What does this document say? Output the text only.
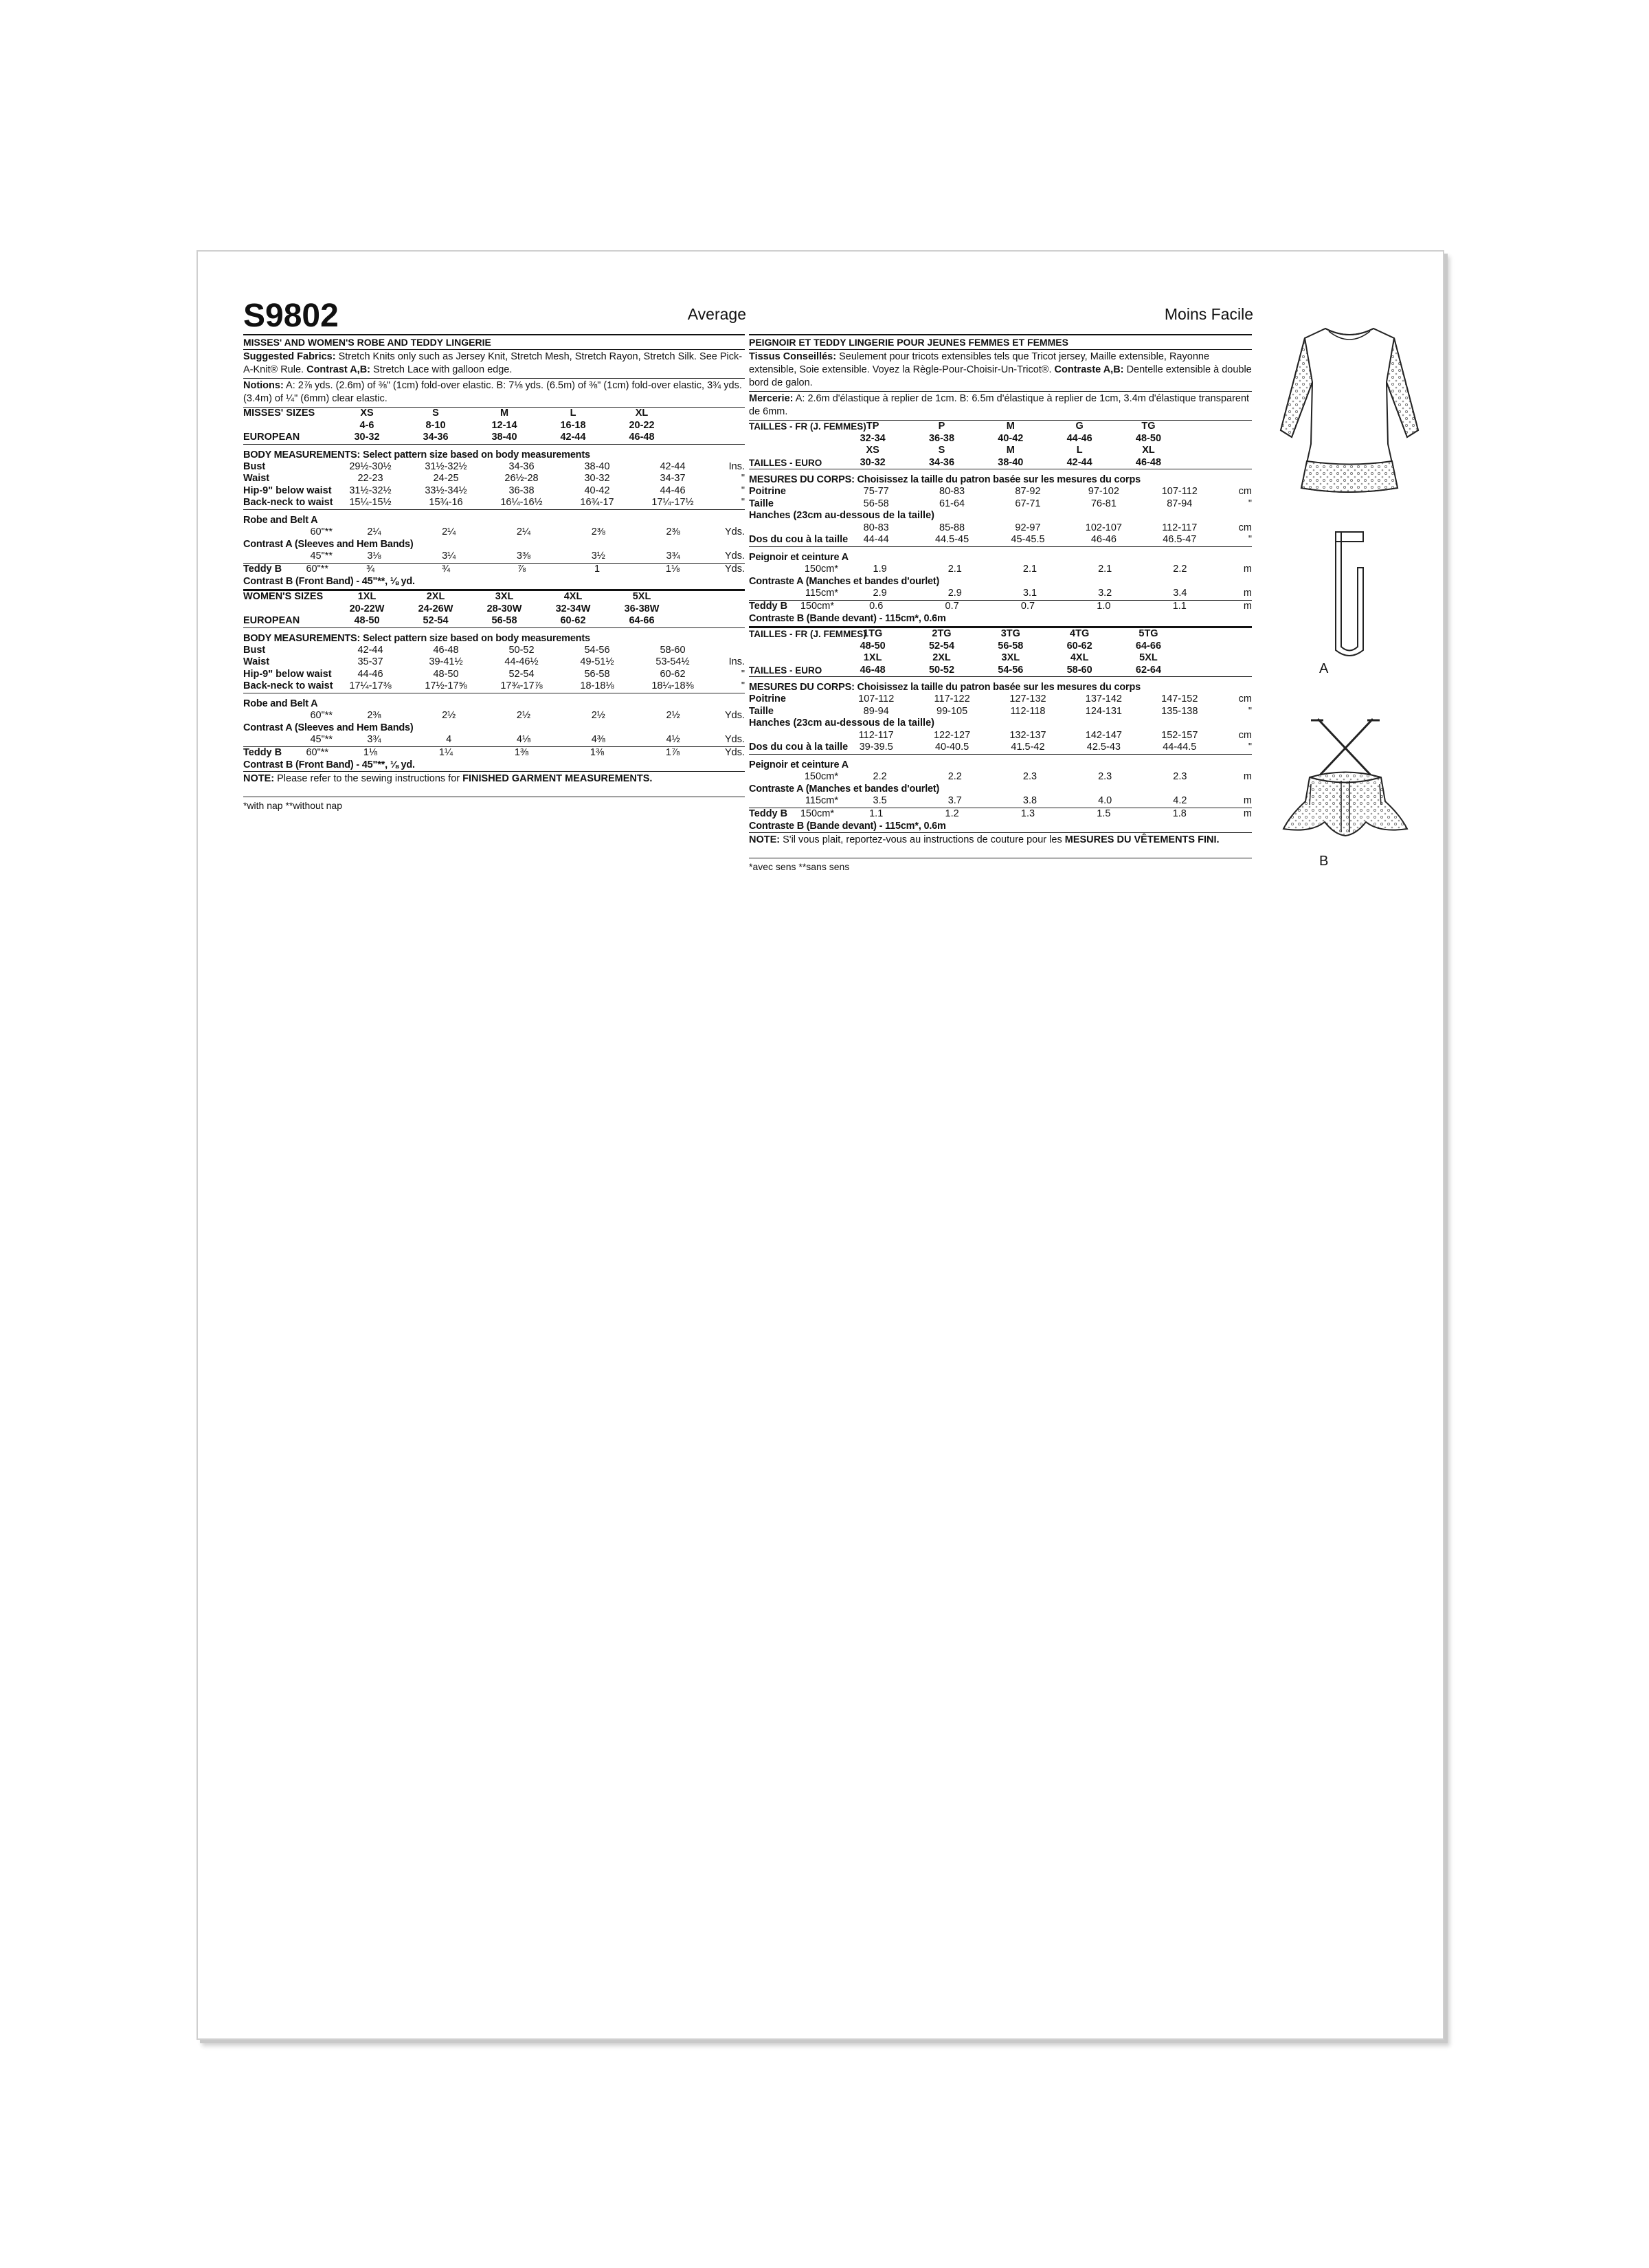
S9802	Average
MISSES' AND WOMEN'S ROBE AND TEDDY LINGERIE
Suggested Fabrics: Stretch Knits only such as Jersey Knit, Stretch Mesh, Stretch Rayon, Stretch Silk. See Pick-A-Knit® Rule. Contrast A,B: Stretch Lace with galloon edge.
Notions: A: 2⅞ yds. (2.6m) of ⅜" (1cm) fold-over elastic. B: 7⅛ yds. (6.5m) of ⅜" (1cm) fold-over elastic, 3¾ yds. (3.4m) of ¼" (6mm) clear elastic.
MISSES' SIZES	XS	S	M	L	XL	
	4-6	8-10	12-14	16-18	20-22	
EUROPEAN	30-32	34-36	38-40	42-44	46-48	
BODY MEASUREMENTS: Select pattern size based on body measurements
Bust	29½-30½	31½-32½	34-36	38-40	42-44	Ins.
Waist	22-23	24-25	26½-28	30-32	34-37	"
Hip-9" below waist	31½-32½	33½-34½	36-38	40-42	44-46	"
Back-neck to waist	15¼-15½	15¾-16	16¼-16½	16¾-17	17¼-17½	"
Robe and Belt A
60"**	2¼	2¼	2¼	2⅜	2⅜	Yds.
Contrast A (Sleeves and Hem Bands)
45"**	3⅛	3¼	3⅜	3½	3¾	Yds.
Teddy B 60"**	¾	¾	⅞	1	1⅛	Yds.
Contrast B (Front Band) - 45"**, ⅛ yd.
WOMEN'S SIZES	1XL	2XL	3XL	4XL	5XL	
	20-22W	24-26W	28-30W	32-34W	36-38W	
EUROPEAN	48-50	52-54	56-58	60-62	64-66	
BODY MEASUREMENTS: Select pattern size based on body measurements
Bust	42-44	46-48	50-52	54-56	58-60	
Waist	35-37	39-41½	44-46½	49-51½	53-54½	Ins.
Hip-9" below waist	44-46	48-50	52-54	56-58	60-62	"
Back-neck to waist	17¼-17⅜	17½-17⅝	17¾-17⅞	18-18⅛	18¼-18⅜	"
Robe and Belt A
60"**	2⅜	2½	2½	2½	2½	Yds.
Contrast A (Sleeves and Hem Bands)
45"**	3¾	4	4⅛	4⅜	4½	Yds.
Teddy B 60"**	1⅛	1¼	1⅜	1⅜	1⅞	Yds.
Contrast B (Front Band) - 45"**, ⅛ yd.
NOTE: Please refer to the sewing instructions for FINISHED GARMENT MEASUREMENTS.
*with nap **without nap
Moins Facile
PEIGNOIR ET TEDDY LINGERIE POUR JEUNES FEMMES ET FEMMES
Tissus Conseillés: Seulement pour tricots extensibles tels que Tricot jersey, Maille extensible, Rayonne extensible, Soie extensible. Voyez la Règle-Pour-Choisir-Un-Tricot®. Contraste A,B: Dentelle extensible à double bord de galon.
Mercerie: A: 2.6m d'élastique à replier de 1cm. B: 6.5m d'élastique à replier de 1cm, 3.4m d'élastique transparent de 6mm.
TAILLES - FR (J. FEMMES)	TP	P	M	G	TG	
	32-34	36-38	40-42	44-46	48-50	
	XS	S	M	L	XL	
TAILLES - EURO	30-32	34-36	38-40	42-44	46-48	
MESURES DU CORPS: Choisissez la taille du patron basée sur les mesures du corps
Poitrine	75-77	80-83	87-92	97-102	107-112	cm
Taille	56-58	61-64	67-71	76-81	87-94	"
Hanches (23cm au-dessous de la taille)						
	80-83	85-88	92-97	102-107	112-117	cm
Dos du cou à la taille	44-44	44.5-45	45-45.5	46-46	46.5-47	"
Peignoir et ceinture A
150cm*	1.9	2.1	2.1	2.1	2.2	m
Contraste A (Manches et bandes d'ourlet)
115cm*	2.9	2.9	3.1	3.2	3.4	m
Teddy B 150cm*	0.6	0.7	0.7	1.0	1.1	m
Contraste B (Bande devant) - 115cm*, 0.6m
TAILLES - FR (J. FEMMES)	1TG	2TG	3TG	4TG	5TG	
	48-50	52-54	56-58	60-62	64-66	
	1XL	2XL	3XL	4XL	5XL	
TAILLES - EURO	46-48	50-52	54-56	58-60	62-64	
MESURES DU CORPS: Choisissez la taille du patron basée sur les mesures du corps
Poitrine	107-112	117-122	127-132	137-142	147-152	cm
Taille	89-94	99-105	112-118	124-131	135-138	"
Hanches (23cm au-dessous de la taille)						
	112-117	122-127	132-137	142-147	152-157	cm
Dos du cou à la taille	39-39.5	40-40.5	41.5-42	42.5-43	44-44.5	"
Peignoir et ceinture A
150cm*	2.2	2.2	2.3	2.3	2.3	m
Contraste A (Manches et bandes d'ourlet)
115cm*	3.5	3.7	3.8	4.0	4.2	m
Teddy B 150cm*	1.1	1.2	1.3	1.5	1.8	m
Contraste B (Bande devant) - 115cm*, 0.6m
NOTE: S'il vous plait, reportez-vous au instructions de couture pour les MESURES DU VÊTEMENTS FINI.
*avec sens **sans sens
A
B
